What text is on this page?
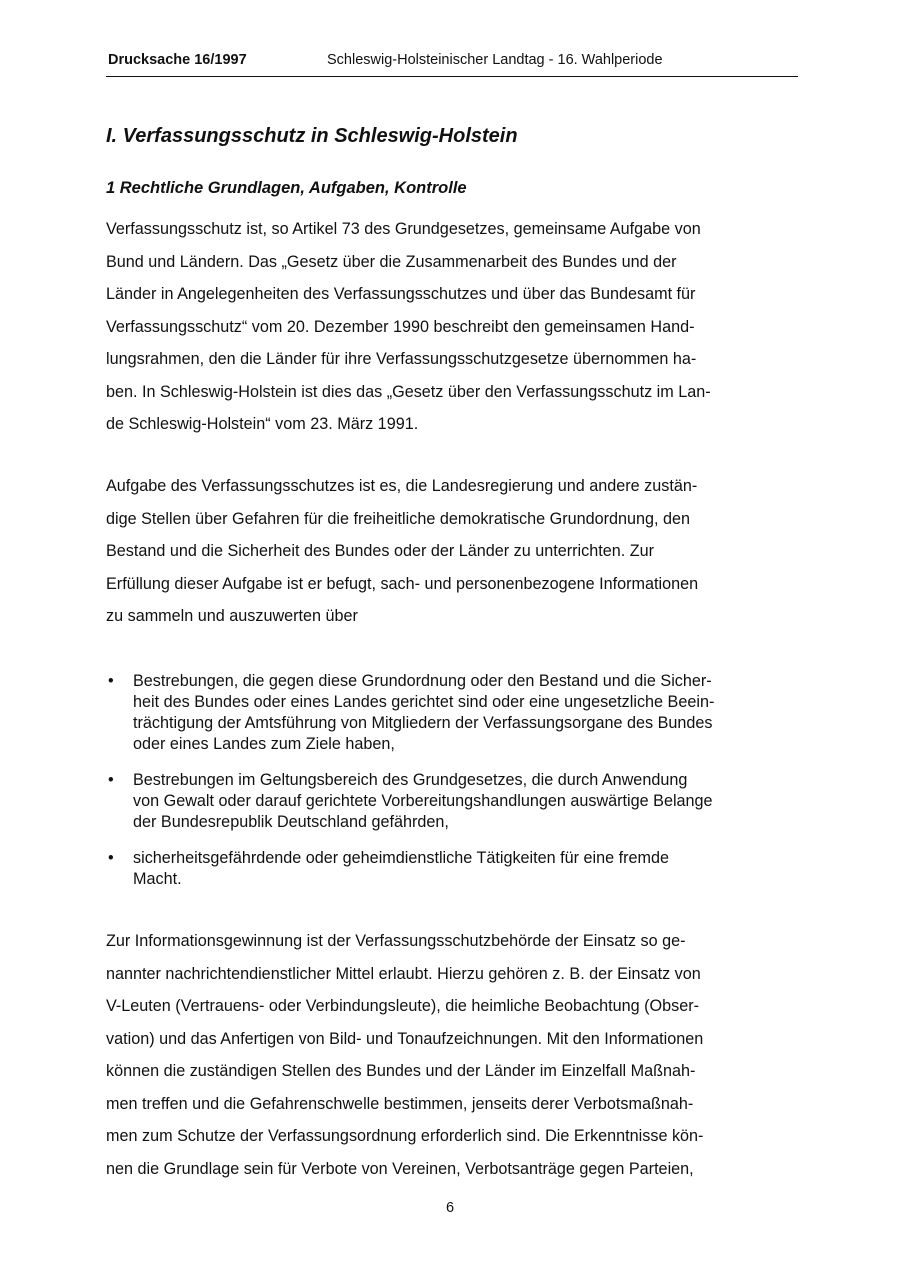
Drucksache 16/1997	Schleswig-Holsteinischer Landtag - 16. Wahlperiode
I. Verfassungsschutz in Schleswig-Holstein
1 Rechtliche Grundlagen, Aufgaben, Kontrolle
Verfassungsschutz ist, so Artikel 73 des Grundgesetzes, gemeinsame Aufgabe von
Bund und Ländern. Das „Gesetz über die Zusammenarbeit des Bundes und der
Länder in Angelegenheiten des Verfassungsschutzes und über das Bundesamt für
Verfassungsschutz“ vom 20. Dezember 1990 beschreibt den gemeinsamen Hand-
lungsrahmen, den die Länder für ihre Verfassungsschutzgesetze übernommen ha-
ben. In Schleswig-Holstein ist dies das „Gesetz über den Verfassungsschutz im Lan-
de Schleswig-Holstein“ vom 23. März 1991.
Aufgabe des Verfassungsschutzes ist es, die Landesregierung und andere zustän-
dige Stellen über Gefahren für die freiheitliche demokratische Grundordnung, den
Bestand und die Sicherheit des Bundes oder der Länder zu unterrichten. Zur
Erfüllung dieser Aufgabe ist er befugt, sach- und personenbezogene Informationen
zu sammeln und auszuwerten über
• Bestrebungen, die gegen diese Grundordnung oder den Bestand und die Sicher-
heit des Bundes oder eines Landes gerichtet sind oder eine ungesetzliche Beein-
trächtigung der Amtsführung von Mitgliedern der Verfassungsorgane des Bundes
oder eines Landes zum Ziele haben,
• Bestrebungen im Geltungsbereich des Grundgesetzes, die durch Anwendung
von Gewalt oder darauf gerichtete Vorbereitungshandlungen auswärtige Belange
der Bundesrepublik Deutschland gefährden,
• sicherheitsgefährdende oder geheimdienstliche Tätigkeiten für eine fremde
Macht.
Zur Informationsgewinnung ist der Verfassungsschutzbehörde der Einsatz so ge-
nannter nachrichtendienstlicher Mittel erlaubt. Hierzu gehören z. B. der Einsatz von
V-Leuten (Vertrauens- oder Verbindungsleute), die heimliche Beobachtung (Obser-
vation) und das Anfertigen von Bild- und Tonaufzeichnungen. Mit den Informationen
können die zuständigen Stellen des Bundes und der Länder im Einzelfall Maßnah-
men treffen und die Gefahrenschwelle bestimmen, jenseits derer Verbotsmaßnah-
men zum Schutze der Verfassungsordnung erforderlich sind. Die Erkenntnisse kön-
nen die Grundlage sein für Verbote von Vereinen, Verbotsanträge gegen Parteien,
6
